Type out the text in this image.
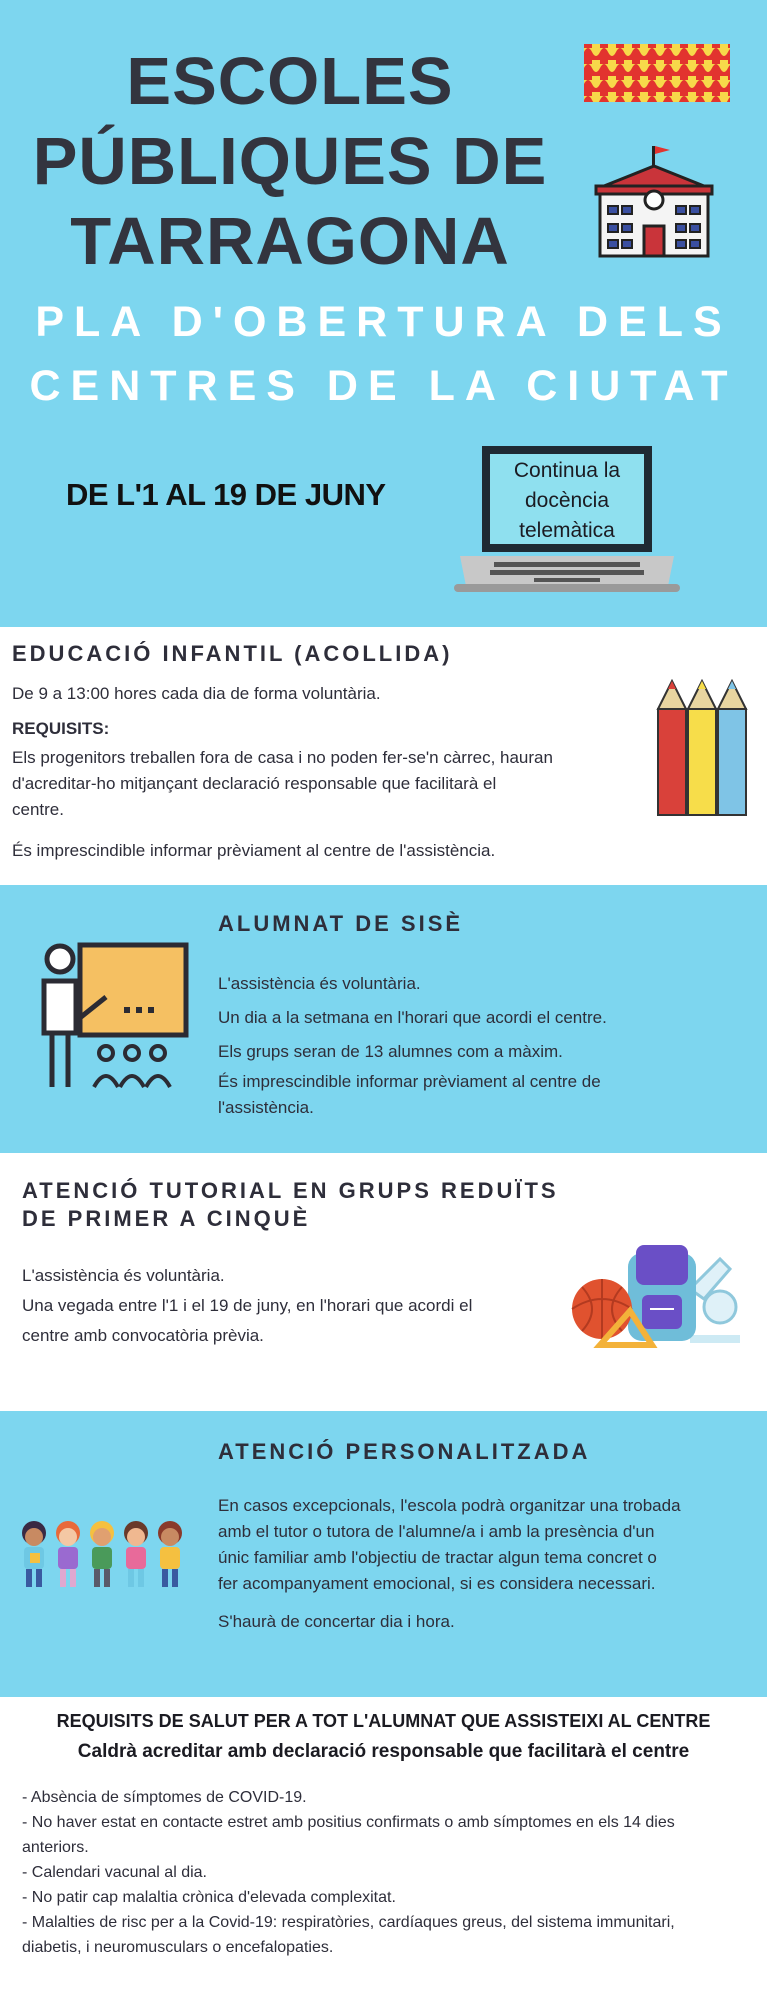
ESCOLES
PÚBLIQUES DE
TARRAGONA
PLA D'OBERTURA DELS
CENTRES DE LA CIUTAT
DE L'1 AL 19 DE JUNY
Continua la
docència
telemàtica
EDUCACIÓ INFANTIL (ACOLLIDA)
De 9 a 13:00 hores cada dia de forma voluntària.
REQUISITS:
Els progenitors treballen fora de casa i no poden fer-se'n càrrec, hauran
d'acreditar-ho mitjançant declaració responsable que facilitarà el
centre.
És imprescindible informar prèviament al centre de l'assistència.
ALUMNAT DE SISÈ
L'assistència és voluntària.
Un dia a la setmana en l'horari que acordi el centre.
Els grups seran de 13 alumnes com a màxim.
És imprescindible informar prèviament al centre de
l'assistència.
ATENCIÓ TUTORIAL EN GRUPS REDUÏTS
DE PRIMER A CINQUÈ
L'assistència és voluntària.
Una vegada entre l'1 i el 19 de juny, en l'horari que acordi el
centre amb convocatòria prèvia.
ATENCIÓ PERSONALITZADA
En casos excepcionals, l'escola podrà organitzar una trobada
amb el tutor o tutora de l'alumne/a i amb la presència d'un
únic familiar amb l'objectiu de tractar algun tema concret o
fer acompanyament emocional, si es considera necessari.
S'haurà de concertar dia i hora.
REQUISITS DE SALUT PER A TOT L'ALUMNAT QUE ASSISTEIXI AL CENTRE
Caldrà acreditar amb declaració responsable que facilitarà el centre
- Absència de símptomes de COVID-19.
- No haver estat en contacte estret amb positius confirmats o amb símptomes en els 14 dies
anteriors.
- Calendari vacunal al dia.
- No patir cap malaltia crònica d'elevada complexitat.
- Malalties de risc per a la Covid-19: respiratòries, cardíaques greus, del sistema immunitari,
diabetis, i neuromusculars o encefalopaties.
